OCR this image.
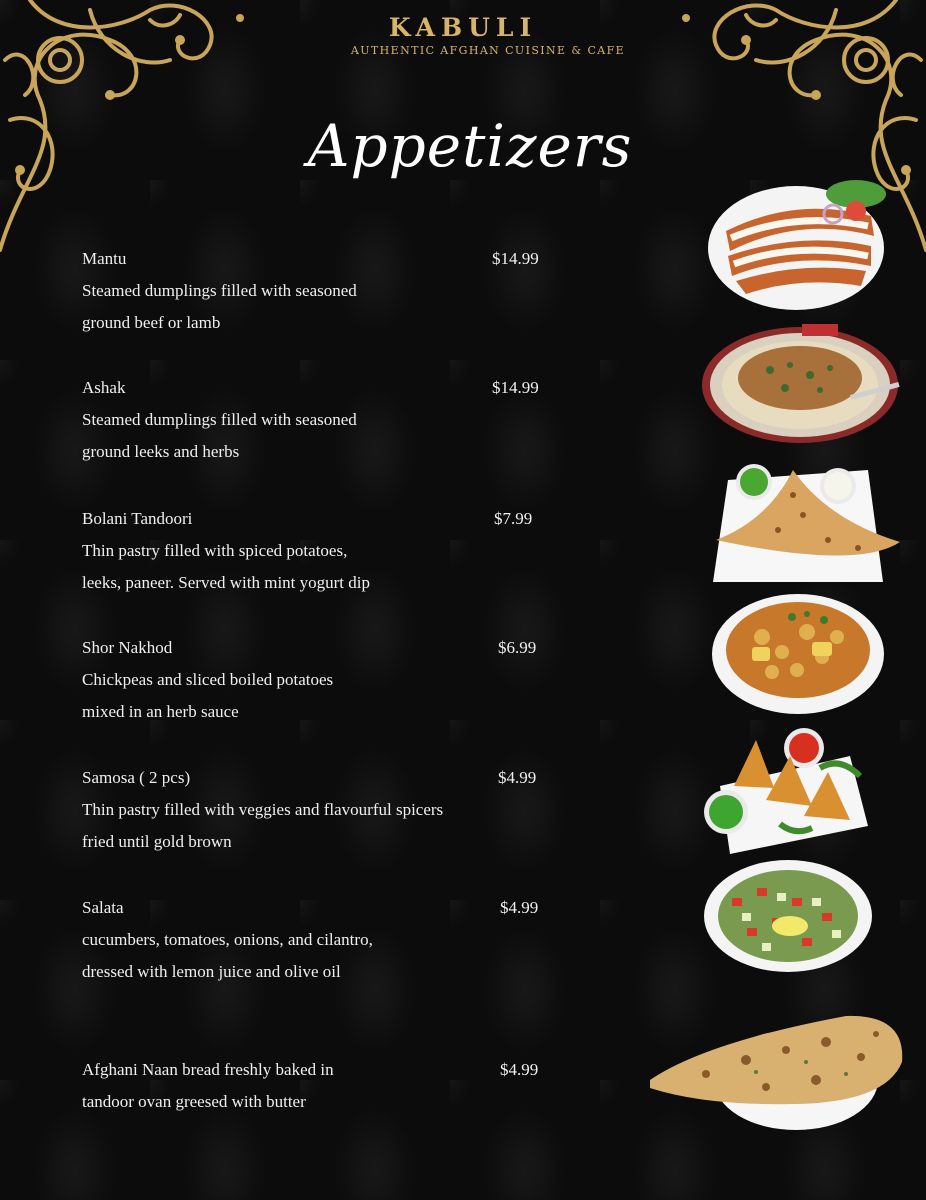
KABULI
AUTHENTIC AFGHAN CUISINE & CAFE
Appetizers
Mantu	$14.99
Steamed dumplings filled with seasoned
ground beef or lamb
Ashak	$14.99
Steamed dumplings filled with seasoned
ground leeks and herbs
Bolani Tandoori	$7.99
Thin pastry filled with spiced potatoes,
leeks, paneer. Served with mint yogurt dip
Shor Nakhod	$6.99
Chickpeas and sliced boiled potatoes
mixed in an herb sauce
Samosa ( 2 pcs)	$4.99
Thin pastry filled with veggies and flavourful spicers
fried until gold brown
Salata	$4.99
cucumbers, tomatoes, onions, and cilantro,
dressed with lemon juice and olive oil
Afghani Naan bread freshly baked in	$4.99
tandoor ovan greesed with butter
